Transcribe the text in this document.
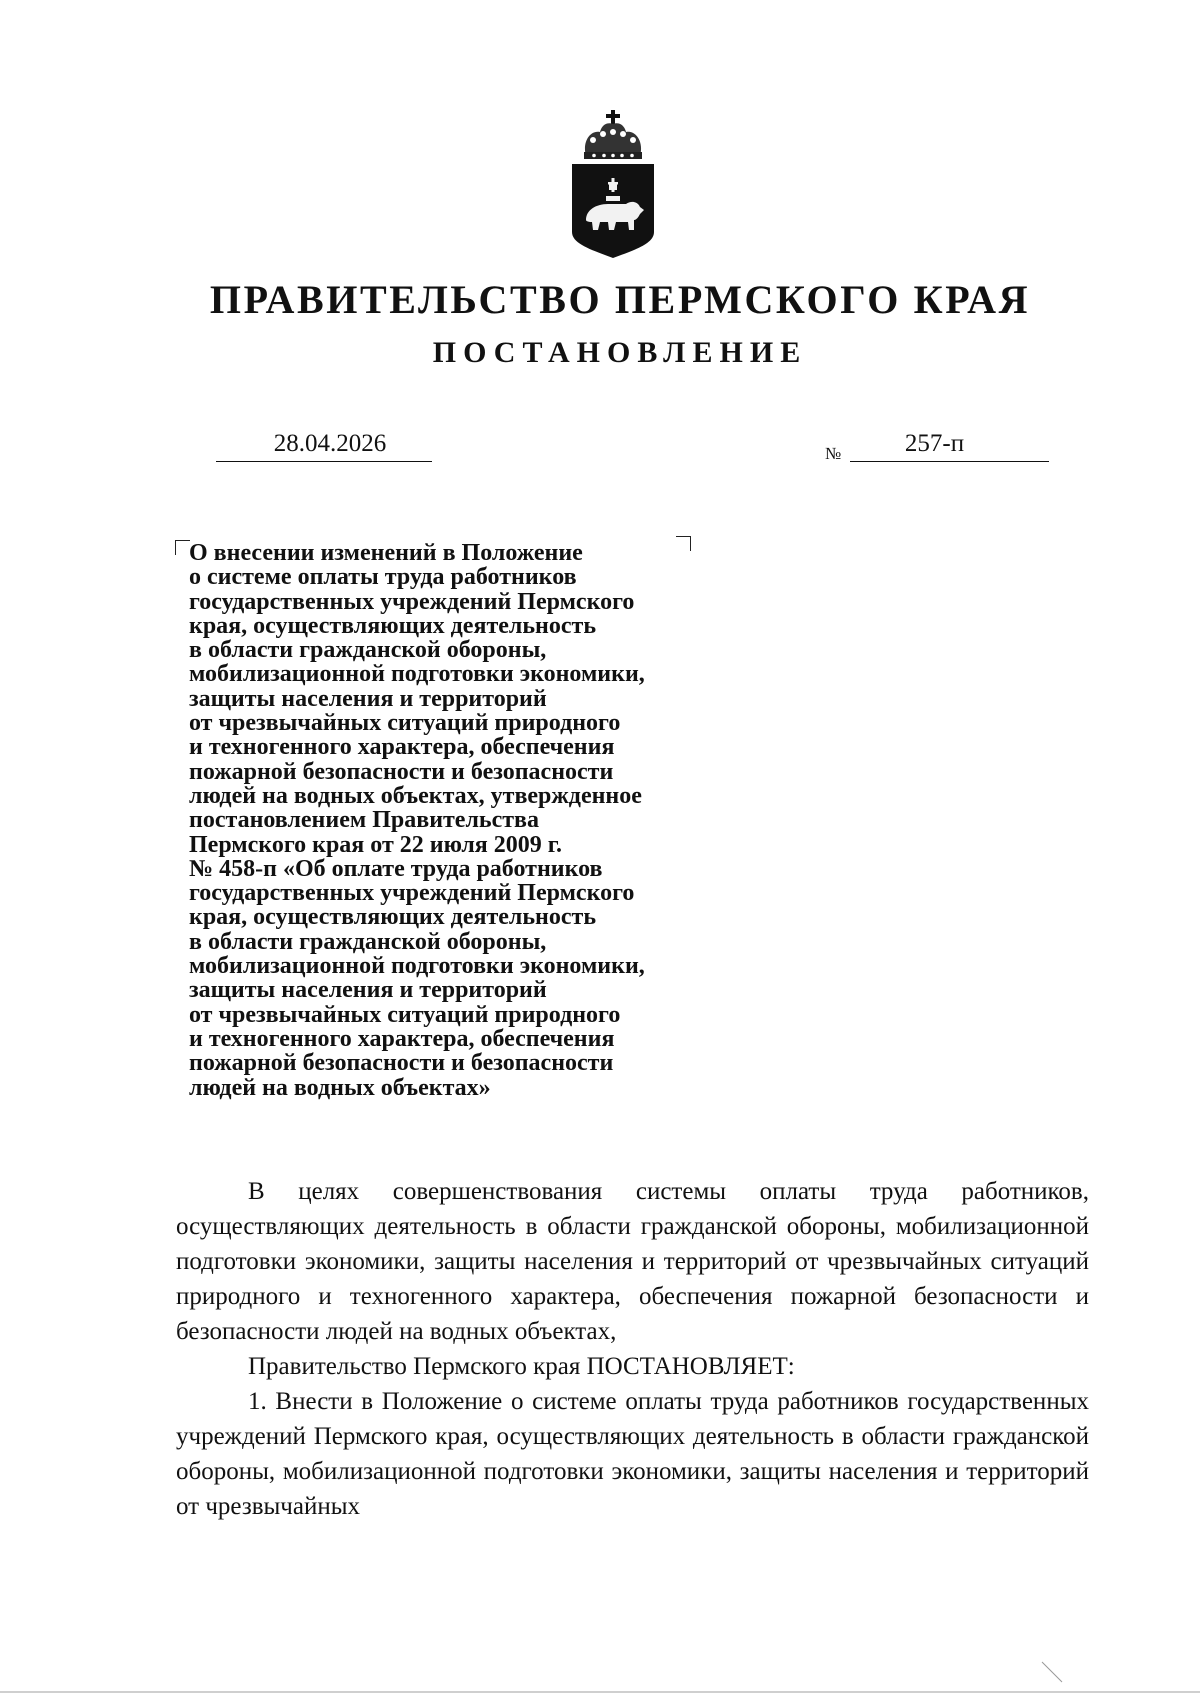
ПРАВИТЕЛЬСТВО ПЕРМСКОГО КРАЯ
ПОСТАНОВЛЕНИЕ
28.04.2026	№	257-п
О внесении изменений в Положение
о системе оплаты труда работников
государственных учреждений Пермского
края, осуществляющих деятельность
в области гражданской обороны,
мобилизационной подготовки экономики,
защиты населения и территорий
от чрезвычайных ситуаций природного
и техногенного характера, обеспечения
пожарной безопасности и безопасности
людей на водных объектах, утвержденное
постановлением Правительства
Пермского края от 22 июля 2009 г.
№ 458-п «Об оплате труда работников
государственных учреждений Пермского
края, осуществляющих деятельность
в области гражданской обороны,
мобилизационной подготовки экономики,
защиты населения и территорий
от чрезвычайных ситуаций природного
и техногенного характера, обеспечения
пожарной безопасности и безопасности
людей на водных объектах»

В целях совершенствования системы оплаты труда работников, осуществляющих деятельность в области гражданской обороны, мобилизационной подготовки экономики, защиты населения и территорий от чрезвычайных ситуаций природного и техногенного характера, обеспечения пожарной безопасности и безопасности людей на водных объектах,

Правительство Пермского края ПОСТАНОВЛЯЕТ:

1. Внести в Положение о системе оплаты труда работников государственных учреждений Пермского края, осуществляющих деятельность в области гражданской обороны, мобилизационной подготовки экономики, защиты населения и территорий от чрезвычайных
